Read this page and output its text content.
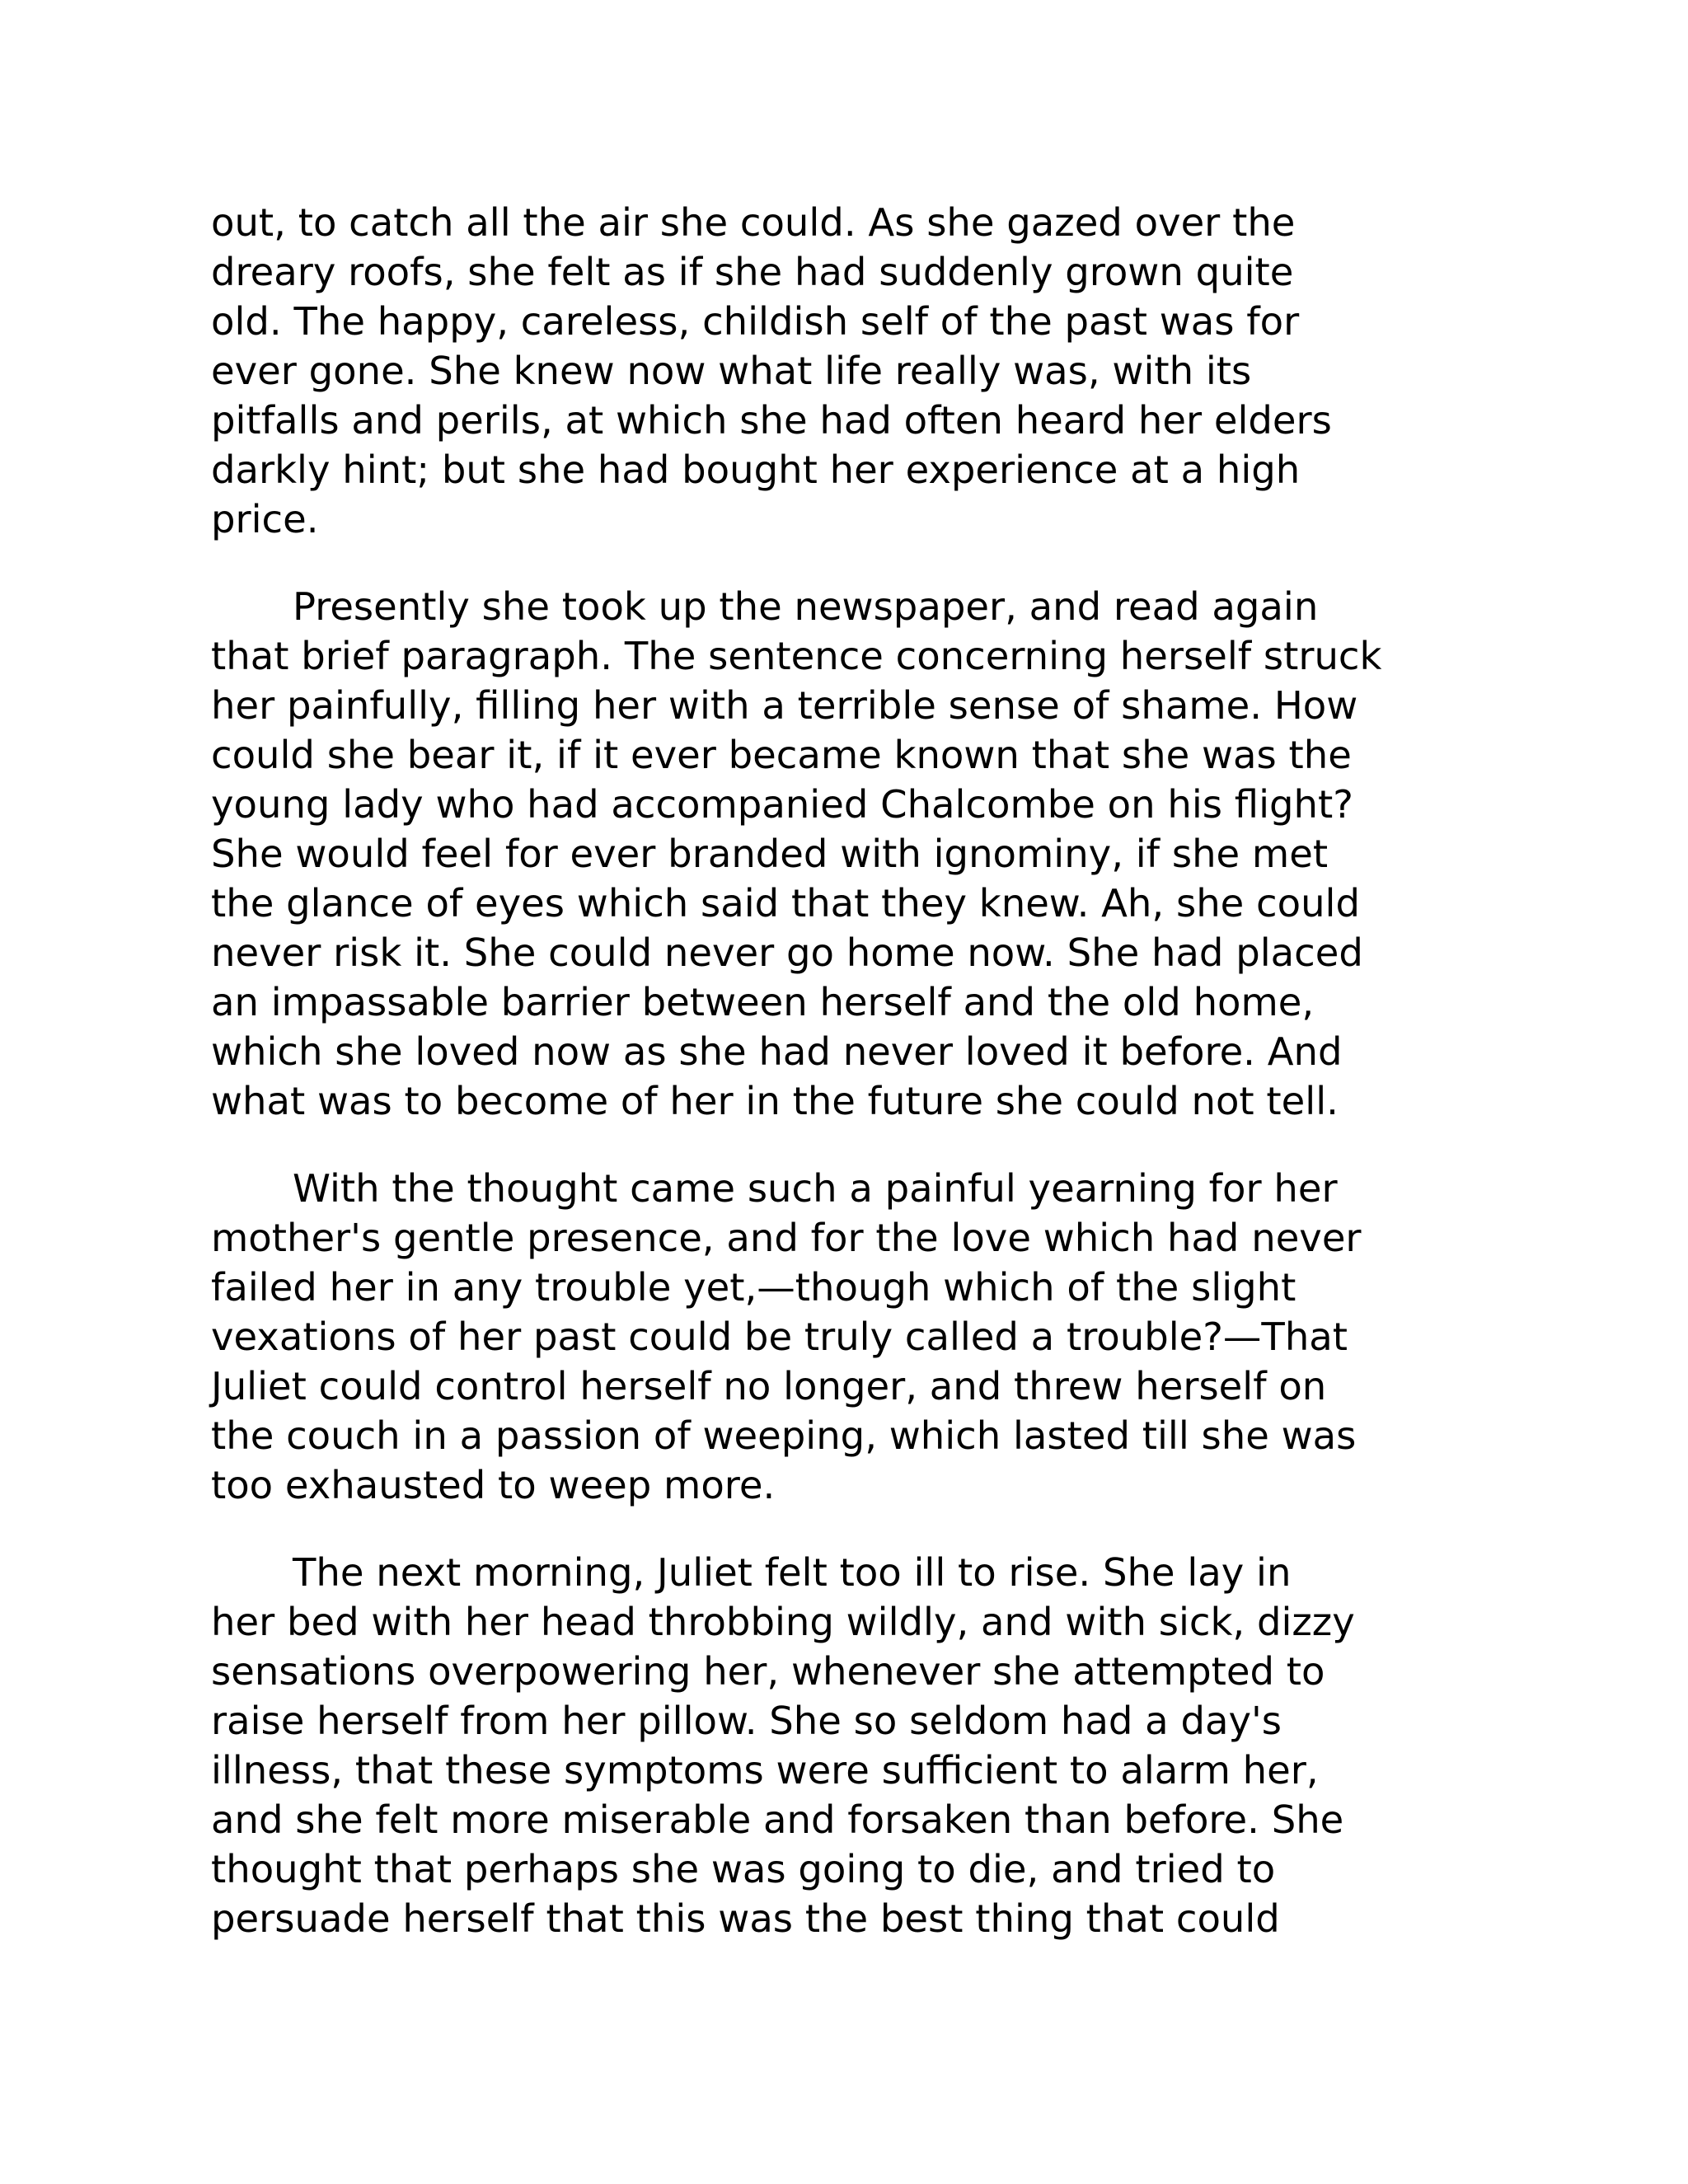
out, to catch all the air she could. As she gazed over the
dreary roofs, she felt as if she had suddenly grown quite
old. The happy, careless, childish self of the past was for
ever gone. She knew now what life really was, with its
pitfalls and perils, at which she had often heard her elders
darkly hint; but she had bought her experience at a high
price.

Presently she took up the newspaper, and read again
that brief paragraph. The sentence concerning herself struck
her painfully, filling her with a terrible sense of shame. How
could she bear it, if it ever became known that she was the
young lady who had accompanied Chalcombe on his flight?
She would feel for ever branded with ignominy, if she met
the glance of eyes which said that they knew. Ah, she could
never risk it. She could never go home now. She had placed
an impassable barrier between herself and the old home,
which she loved now as she had never loved it before. And
what was to become of her in the future she could not tell.

With the thought came such a painful yearning for her
mother's gentle presence, and for the love which had never
failed her in any trouble yet,—though which of the slight
vexations of her past could be truly called a trouble?—That
Juliet could control herself no longer, and threw herself on
the couch in a passion of weeping, which lasted till she was
too exhausted to weep more.

The next morning, Juliet felt too ill to rise. She lay in
her bed with her head throbbing wildly, and with sick, dizzy
sensations overpowering her, whenever she attempted to
raise herself from her pillow. She so seldom had a day's
illness, that these symptoms were sufficient to alarm her,
and she felt more miserable and forsaken than before. She
thought that perhaps she was going to die, and tried to
persuade herself that this was the best thing that could
